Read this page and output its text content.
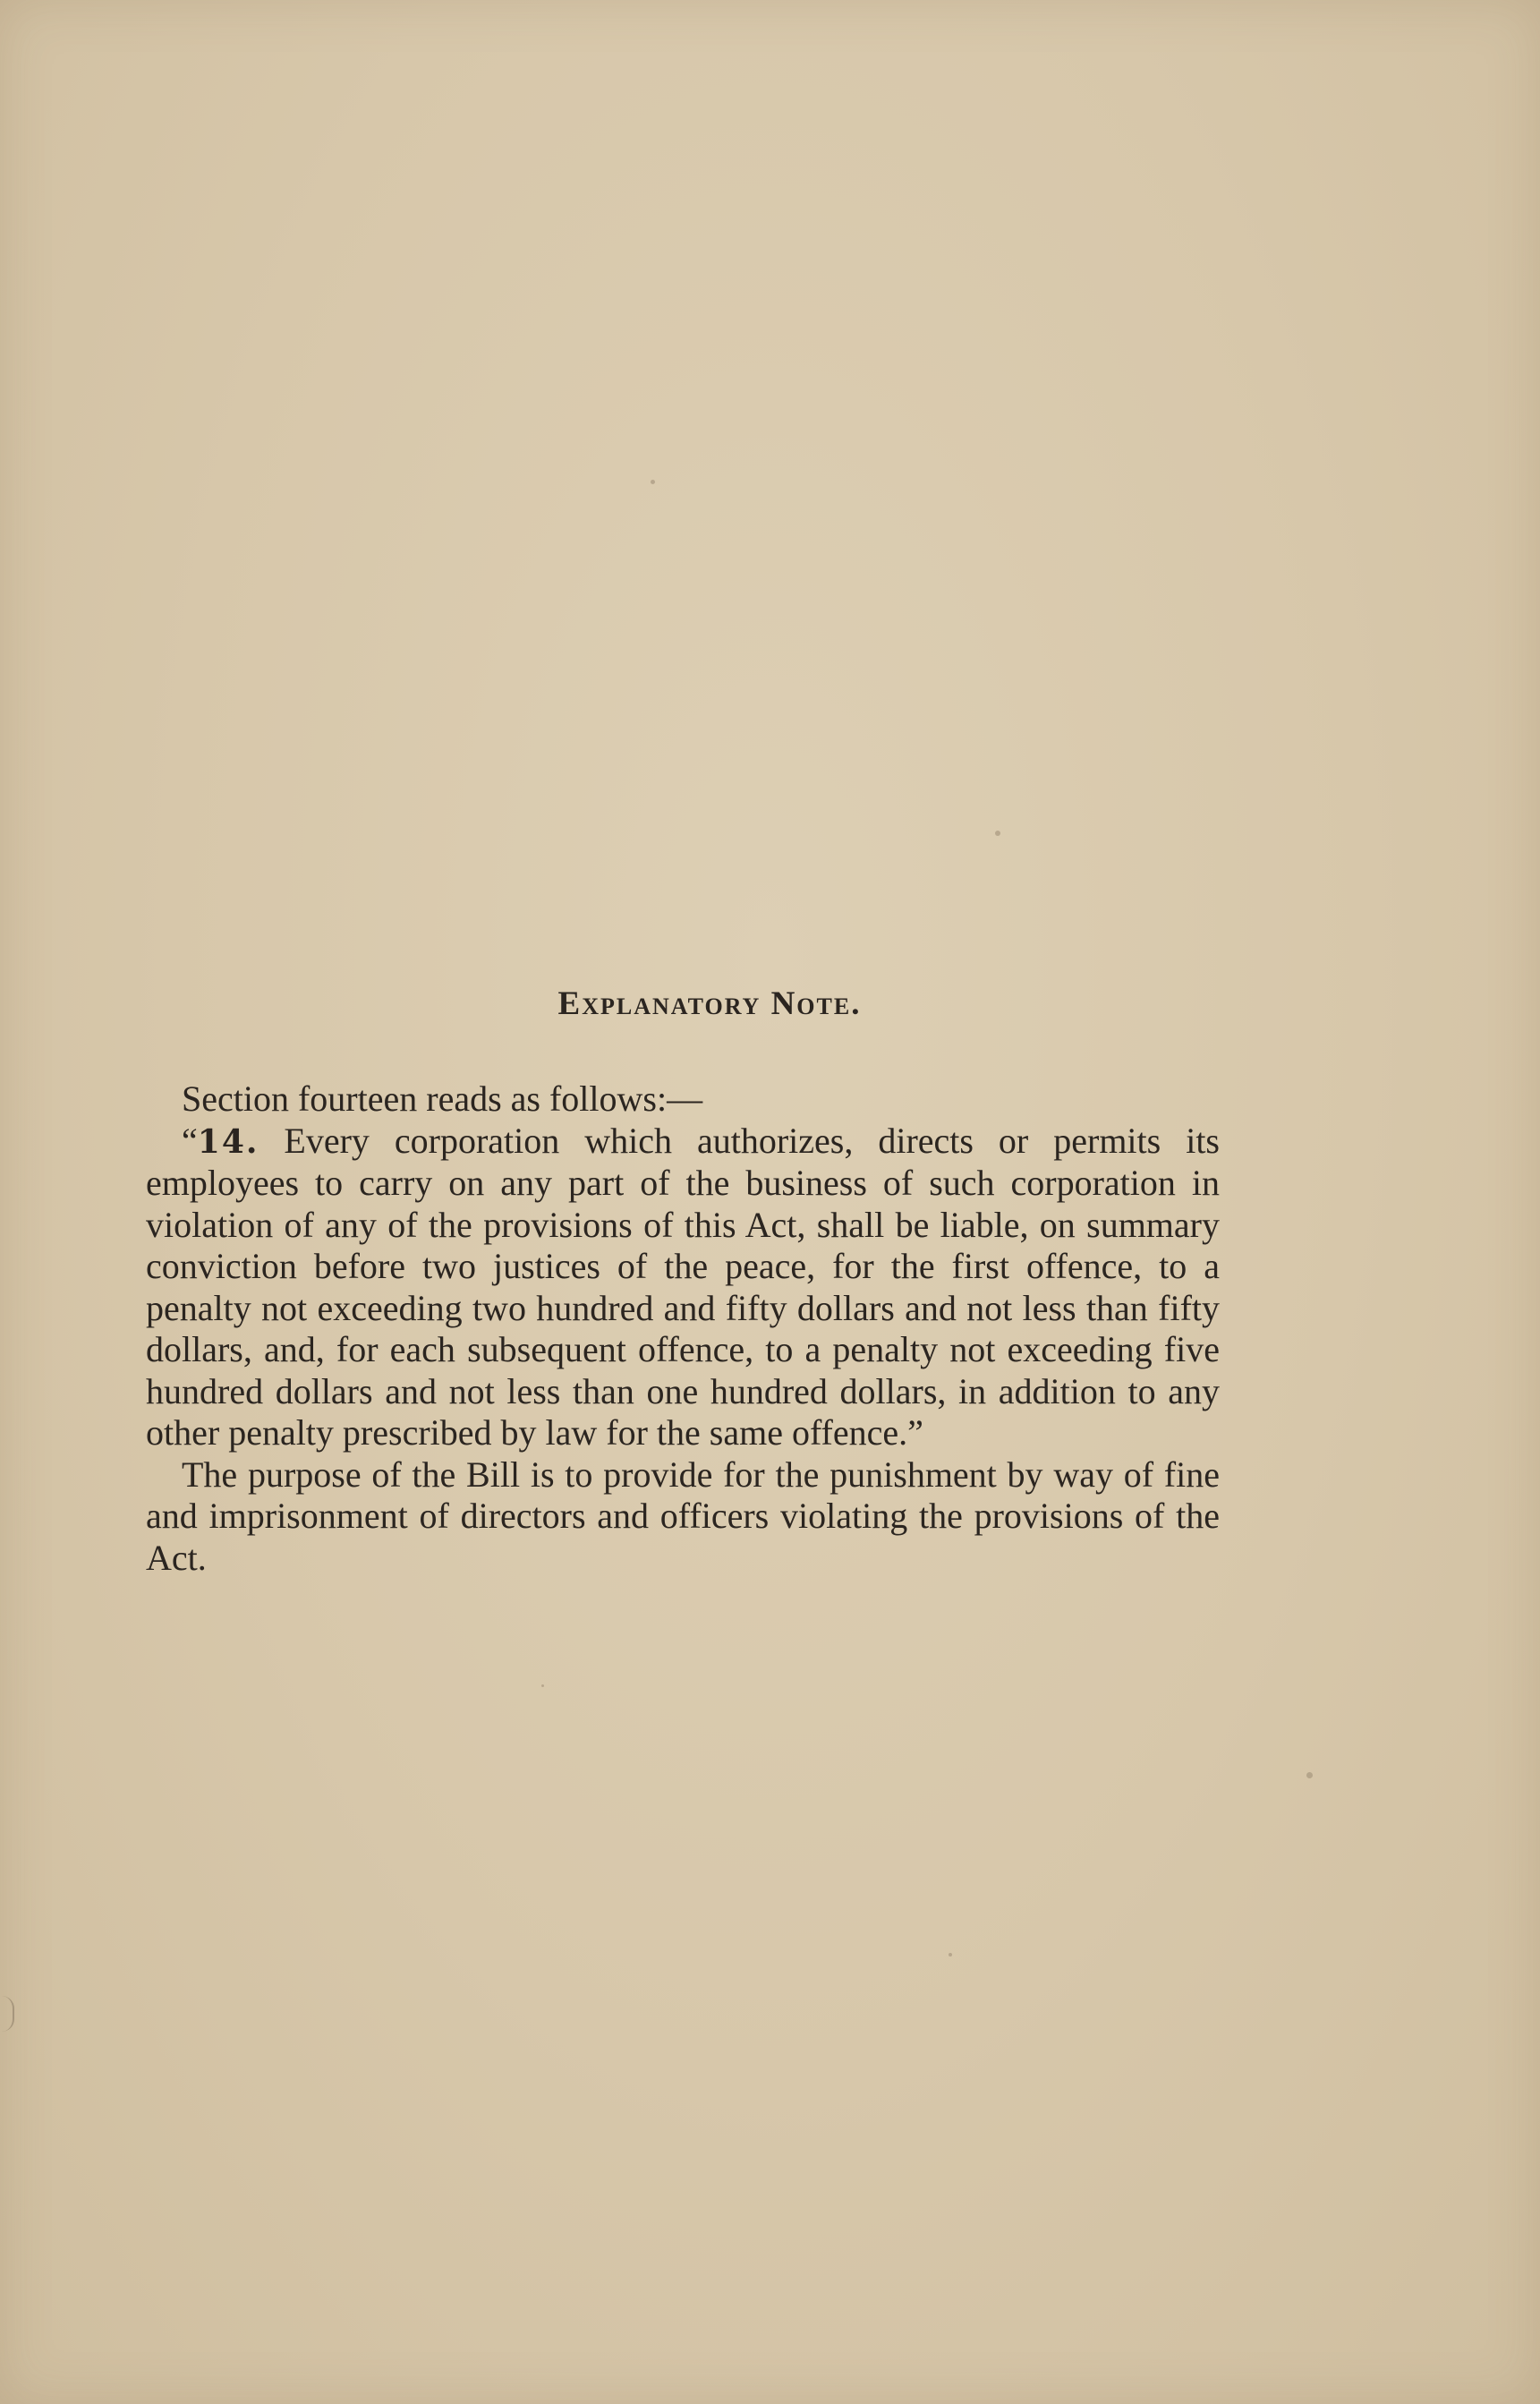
Explanatory Note.

Section fourteen reads as follows:—

“14. Every corporation which authorizes, directs or permits its employees to carry on any part of the business of such corporation in violation of any of the provisions of this Act, shall be liable, on summary conviction before two justices of the peace, for the first offence, to a penalty not exceeding two hundred and fifty dollars and not less than fifty dollars, and, for each subsequent offence, to a penalty not exceeding five hundred dollars and not less than one hundred dollars, in addition to any other penalty prescribed by law for the same offence.”

The purpose of the Bill is to provide for the punishment by way of fine and imprisonment of directors and officers violating the provisions of the Act.
